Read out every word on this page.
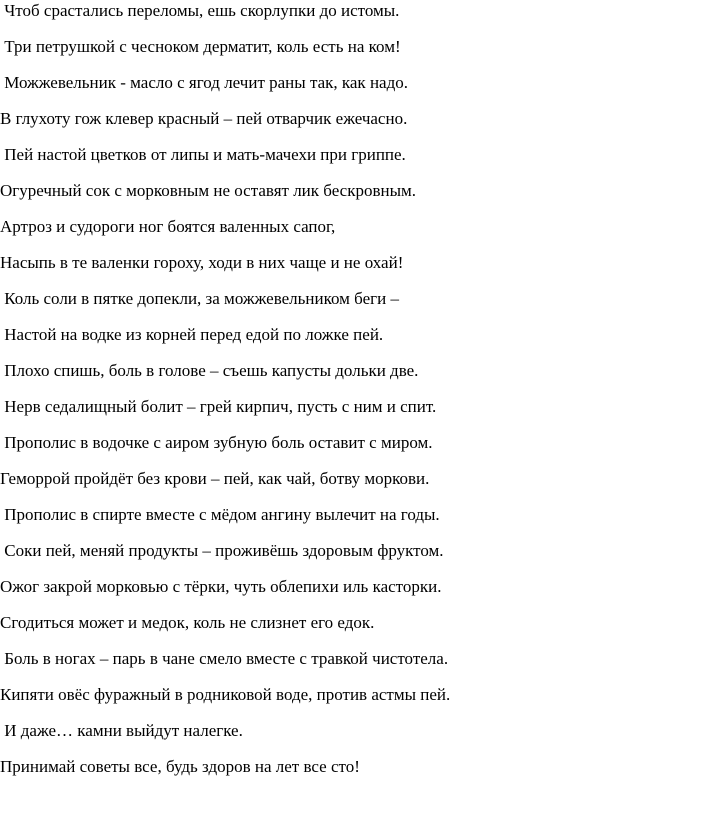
Чтоб срастались переломы, ешь скорлупки до истомы.

Три петрушкой с чесноком дерматит, коль есть на ком!

Можжевельник - масло с ягод лечит раны так, как надо.

В глухоту гож клевер красный – пей отварчик ежечасно.

Пей настой цветков от липы и мать-мачехи при гриппе.

Огуречный сок с морковным не оставят лик бескровным.

Артроз и судороги ног боятся валенных сапог,

Насыпь в те валенки гороху, ходи в них чаще и не охай!

Коль соли в пятке допекли, за можжевельником беги –

Настой на водке из корней перед едой по ложке пей.

Плохо спишь, боль в голове – съешь капусты дольки две.

Нерв седалищный болит – грей кирпич, пусть с ним и спит.

Прополис в водочке с аиром зубную боль оставит с миром.

Геморрой пройдёт без крови – пей, как чай, ботву моркови.

Прополис в спирте вместе с мёдом ангину вылечит на годы.

Соки пей, меняй продукты – проживёшь здоровым фруктом.

Ожог закрой морковью с тёрки, чуть облепихи иль касторки.

Сгодиться может и медок, коль не слизнет его едок.

Боль в ногах – парь в чане смело вместе с травкой чистотела.

Кипяти овёс фуражный в родниковой воде, против астмы пей.

И даже… камни выйдут налегке.

Принимай советы все, будь здоров на лет все сто!
